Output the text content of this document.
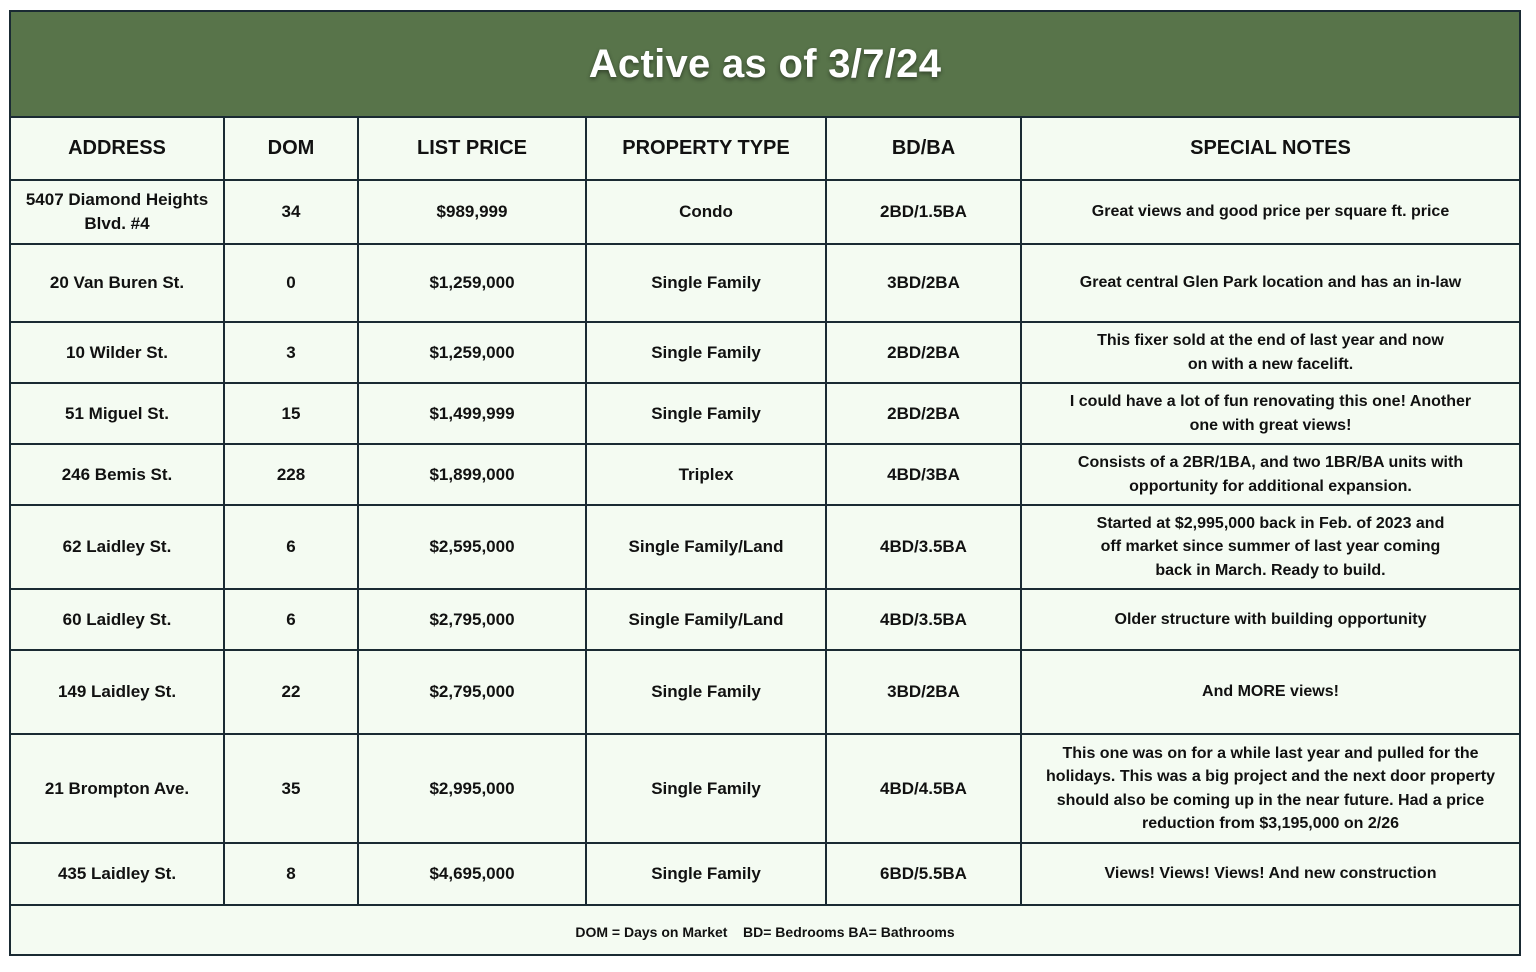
Active as of 3/7/24
ADDRESS	DOM	LIST PRICE	PROPERTY TYPE	BD/BA	SPECIAL NOTES
5407 Diamond Heights Blvd. #4	34	$989,999	Condo	2BD/1.5BA	Great views and good price per square ft. price
20 Van Buren St.	0	$1,259,000	Single Family	3BD/2BA	Great central Glen Park location and has an in-law
10 Wilder St.	3	$1,259,000	Single Family	2BD/2BA	This fixer sold at the end of last year and now on with a new facelift.
51 Miguel St.	15	$1,499,999	Single Family	2BD/2BA	I could have a lot of fun renovating this one! Another one with great views!
246 Bemis St.	228	$1,899,000	Triplex	4BD/3BA	Consists of a 2BR/1BA, and two 1BR/BA units with opportunity for additional expansion.
62 Laidley St.	6	$2,595,000	Single Family/Land	4BD/3.5BA	Started at $2,995,000 back in Feb. of 2023 and off market since summer of last year coming back in March. Ready to build.
60 Laidley St.	6	$2,795,000	Single Family/Land	4BD/3.5BA	Older structure with building opportunity
149 Laidley St.	22	$2,795,000	Single Family	3BD/2BA	And MORE views!
21 Brompton Ave.	35	$2,995,000	Single Family	4BD/4.5BA	This one was on for a while last year and pulled for the holidays. This was a big project and the next door property should also be coming up in the near future. Had a price reduction from $3,195,000 on 2/26
435 Laidley St.	8	$4,695,000	Single Family	6BD/5.5BA	Views! Views! Views! And new construction
DOM = Days on Market    BD= Bedrooms BA= Bathrooms
